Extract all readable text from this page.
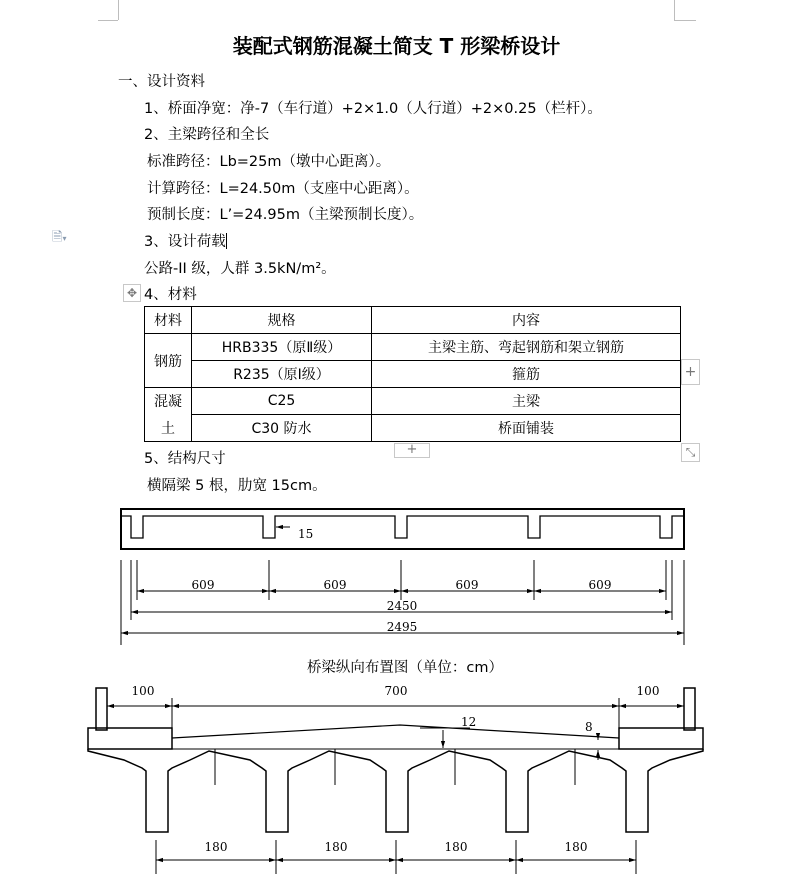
装配式钢筋混凝土简支 T 形梁桥设计
一、设计资料
1、桥面净宽：净-7（车行道）+2×1.0（人行道）+2×0.25（栏杆）。
2、主梁跨径和全长
标准跨径：Lb=25m（墩中心距离）。
计算跨径：L=24.50m（支座中心距离）。
预制长度：L’=24.95m（主梁预制长度）。
🗎▾	3、设计荷载
公路-II 级，人群 3.5kN/m²。
✥ 4、材料
材料	规格	内容
钢筋	HRB335（原Ⅱ级）	主梁主筋、弯起钢筋和架立钢筋
	R235（原Ⅰ级）	箍筋
混凝	C25	主梁
土	C30 防水	桥面铺装
+
+	⤡
5、结构尺寸
横隔梁 5 根，肋宽 15cm。
15
609	609	609	609
2450
2495
桥梁纵向布置图（单位：cm）
100	700	100
12	8
180	180	180	180
